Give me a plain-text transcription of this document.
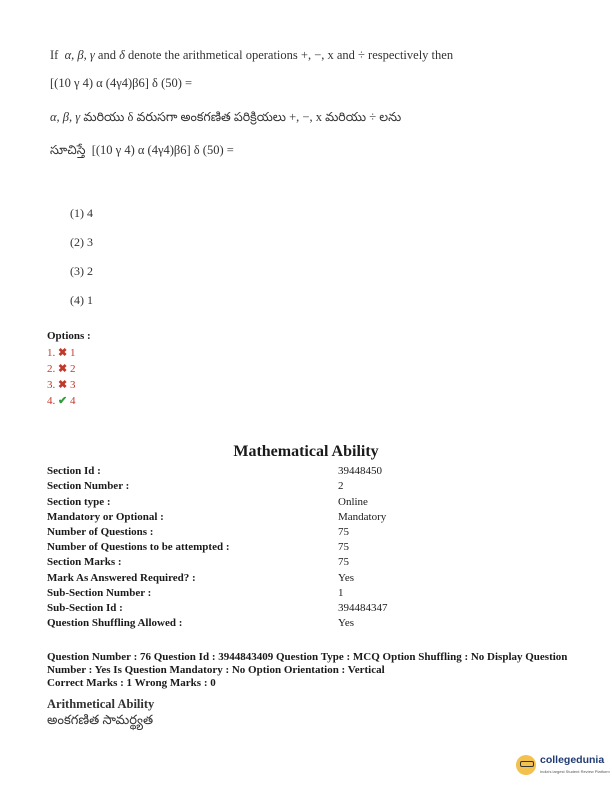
If α, β, γ and δ denote the arithmetical operations +, −, x and ÷ respectively then
[(10 γ 4) α (4γ4)β6] δ (50) =
α, β, γ మరియు δ వరుసగా అంకగణిత పరిక్రియలు +, −, x మరియు ÷ లను
సూచిస్తే [(10 γ 4) α (4γ4)β6] δ (50) =
(1) 4
(2) 3
(3) 2
(4) 1
Options :
1. ✖ 1
2. ✖ 2
3. ✖ 3
4. ✔ 4
Mathematical Ability
Section Id :	39448450
Section Number :	2
Section type :	Online
Mandatory or Optional :	Mandatory
Number of Questions :	75
Number of Questions to be attempted :	75
Section Marks :	75
Mark As Answered Required? :	Yes
Sub-Section Number :	1
Sub-Section Id :	394484347
Question Shuffling Allowed :	Yes
Question Number : 76 Question Id : 3944843409 Question Type : MCQ Option Shuffling : No Display Question
Number : Yes Is Question Mandatory : No Option Orientation : Vertical
Correct Marks : 1 Wrong Marks : 0
Arithmetical Ability
అంకగణిత సామర్థ్యత
collegedunia
India's largest Student Review Platform
